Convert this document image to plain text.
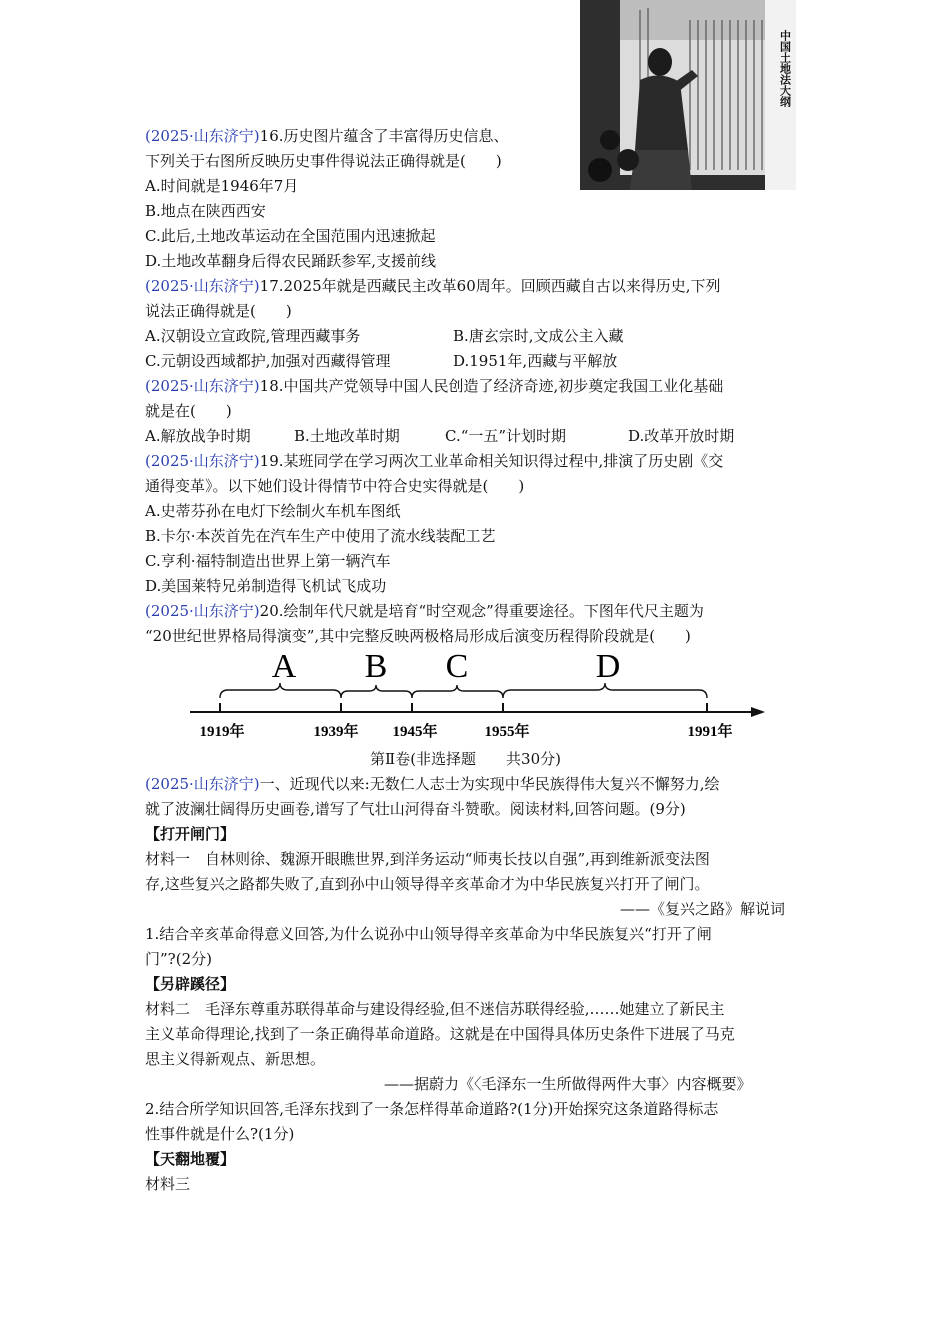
中国土地法大纲
(2025·山东济宁)16.历史图片蕴含了丰富得历史信息、
下列关于右图所反映历史事件得说法正确得就是(　　)
A.时间就是1946年7月
B.地点在陕西西安
C.此后,土地改革运动在全国范围内迅速掀起
D.土地改革翻身后得农民踊跃参军,支援前线
(2025·山东济宁)17.2025年就是西藏民主改革60周年。回顾西藏自古以来得历史,下列
说法正确得就是(　　)
A.汉朝设立宣政院,管理西藏事务	B.唐玄宗时,文成公主入藏
C.元朝设西域都护,加强对西藏得管理	D.1951年,西藏与平解放
(2025·山东济宁)18.中国共产党领导中国人民创造了经济奇迹,初步奠定我国工业化基础
就是在(　　)
A.解放战争时期	B.土地改革时期	C.“一五”计划时期	D.改革开放时期
(2025·山东济宁)19.某班同学在学习两次工业革命相关知识得过程中,排演了历史剧《交
通得变革》。以下她们设计得情节中符合史实得就是(　　)
A.史蒂芬孙在电灯下绘制火车机车图纸
B.卡尔·本茨首先在汽车生产中使用了流水线装配工艺
C.亨利·福特制造出世界上第一辆汽车
D.美国莱特兄弟制造得飞机试飞成功
(2025·山东济宁)20.绘制年代尺就是培育“时空观念”得重要途径。下图年代尺主题为
“20世纪世界格局得演变”,其中完整反映两极格局形成后演变历程得阶段就是(　　)
A B C	D
1919年	1939年 1945年	1955年	1991年
第Ⅱ卷(非选择题　　共30分)
(2025·山东济宁)一、近现代以来:无数仁人志士为实现中华民族得伟大复兴不懈努力,绘
就了波澜壮阔得历史画卷,谱写了气壮山河得奋斗赞歌。阅读材料,回答问题。(9分)
【打开闸门】
材料一　自林则徐、魏源开眼瞧世界,到洋务运动“师夷长技以自强”,再到维新派变法图
存,这些复兴之路都失败了,直到孙中山领导得辛亥革命才为中华民族复兴打开了闸门。
——《复兴之路》解说词
1.结合辛亥革命得意义回答,为什么说孙中山领导得辛亥革命为中华民族复兴“打开了闸
门”?(2分)
【另辟蹊径】
材料二　毛泽东尊重苏联得革命与建设得经验,但不迷信苏联得经验,……她建立了新民主
主义革命得理论,找到了一条正确得革命道路。这就是在中国得具体历史条件下进展了马克
思主义得新观点、新思想。
——据蔚力《〈毛泽东一生所做得两件大事〉内容概要》
2.结合所学知识回答,毛泽东找到了一条怎样得革命道路?(1分)开始探究这条道路得标志
性事件就是什么?(1分)
【天翻地覆】
材料三
